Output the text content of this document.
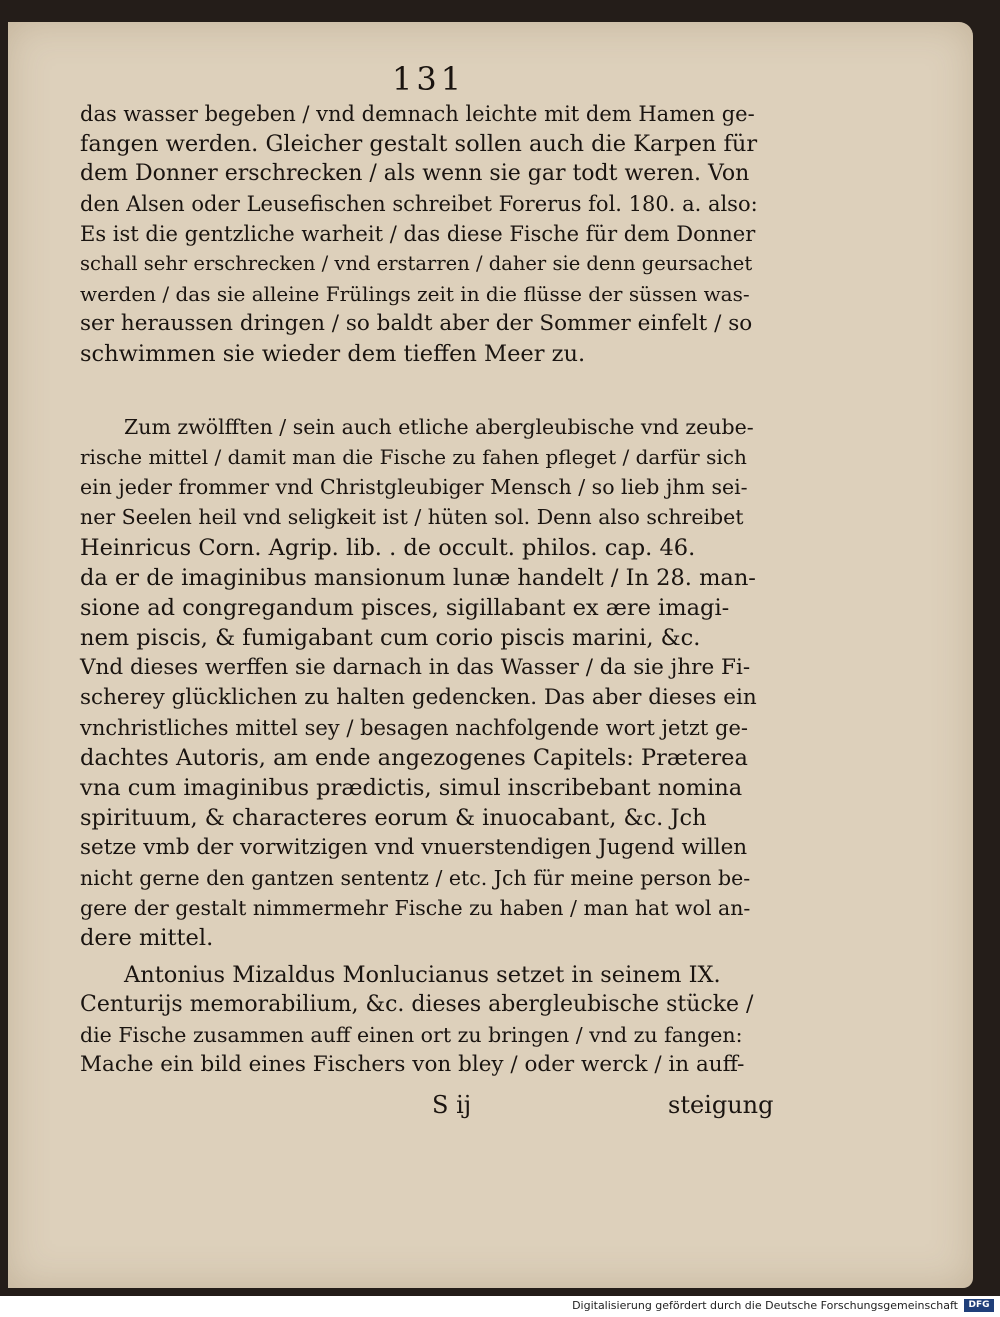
131
das wasser begeben / vnd demnach leichte mit dem Hamen ge-
fangen werden. Gleicher gestalt sollen auch die Karpen für
dem Donner erschrecken / als wenn sie gar todt weren. Von
den Alsen oder Leusefischen schreibet Forerus fol. 180. a. also:
Es ist die gentzliche warheit / das diese Fische für dem Donner
schall sehr erschrecken / vnd erstarren / daher sie denn geursachet
werden / das sie alleine Frülings zeit in die flüsse der süssen was-
ser heraussen dringen / so baldt aber der Sommer einfelt / so
schwimmen sie wieder dem tieffen Meer zu.
Zum zwölfften / sein auch etliche abergleubische vnd zeube-
rische mittel / damit man die Fische zu fahen pfleget / darfür sich
ein jeder frommer vnd Christgleubiger Mensch / so lieb jhm sei-
ner Seelen heil vnd seligkeit ist / hüten sol. Denn also schreibet
Heinricus Corn. Agrip. lib. . de occult. philos. cap. 46.
da er de imaginibus mansionum lunæ handelt / In 28. man-
sione ad congregandum pisces, sigillabant ex ære imagi-
nem piscis, & fumigabant cum corio piscis marini, &c.
Vnd dieses werffen sie darnach in das Wasser / da sie jhre Fi-
scherey glücklichen zu halten gedencken. Das aber dieses ein
vnchristliches mittel sey / besagen nachfolgende wort jetzt ge-
dachtes Autoris, am ende angezogenes Capitels: Præterea
vna cum imaginibus prædictis, simul inscribebant nomina
spirituum, & characteres eorum & inuocabant, &c. Jch
setze vmb der vorwitzigen vnd vnuerstendigen Jugend willen
nicht gerne den gantzen sententz / etc. Jch für meine person be-
gere der gestalt nimmermehr Fische zu haben / man hat wol an-
dere mittel.
Antonius Mizaldus Monlucianus setzet in seinem IX.
Centurijs memorabilium, &c. dieses abergleubische stücke /
die Fische zusammen auff einen ort zu bringen / vnd zu fangen:
Mache ein bild eines Fischers von bley / oder werck / in auff-
S ij	steigung
Digitalisierung gefördert durch die Deutsche Forschungsgemeinschaft	DFG
